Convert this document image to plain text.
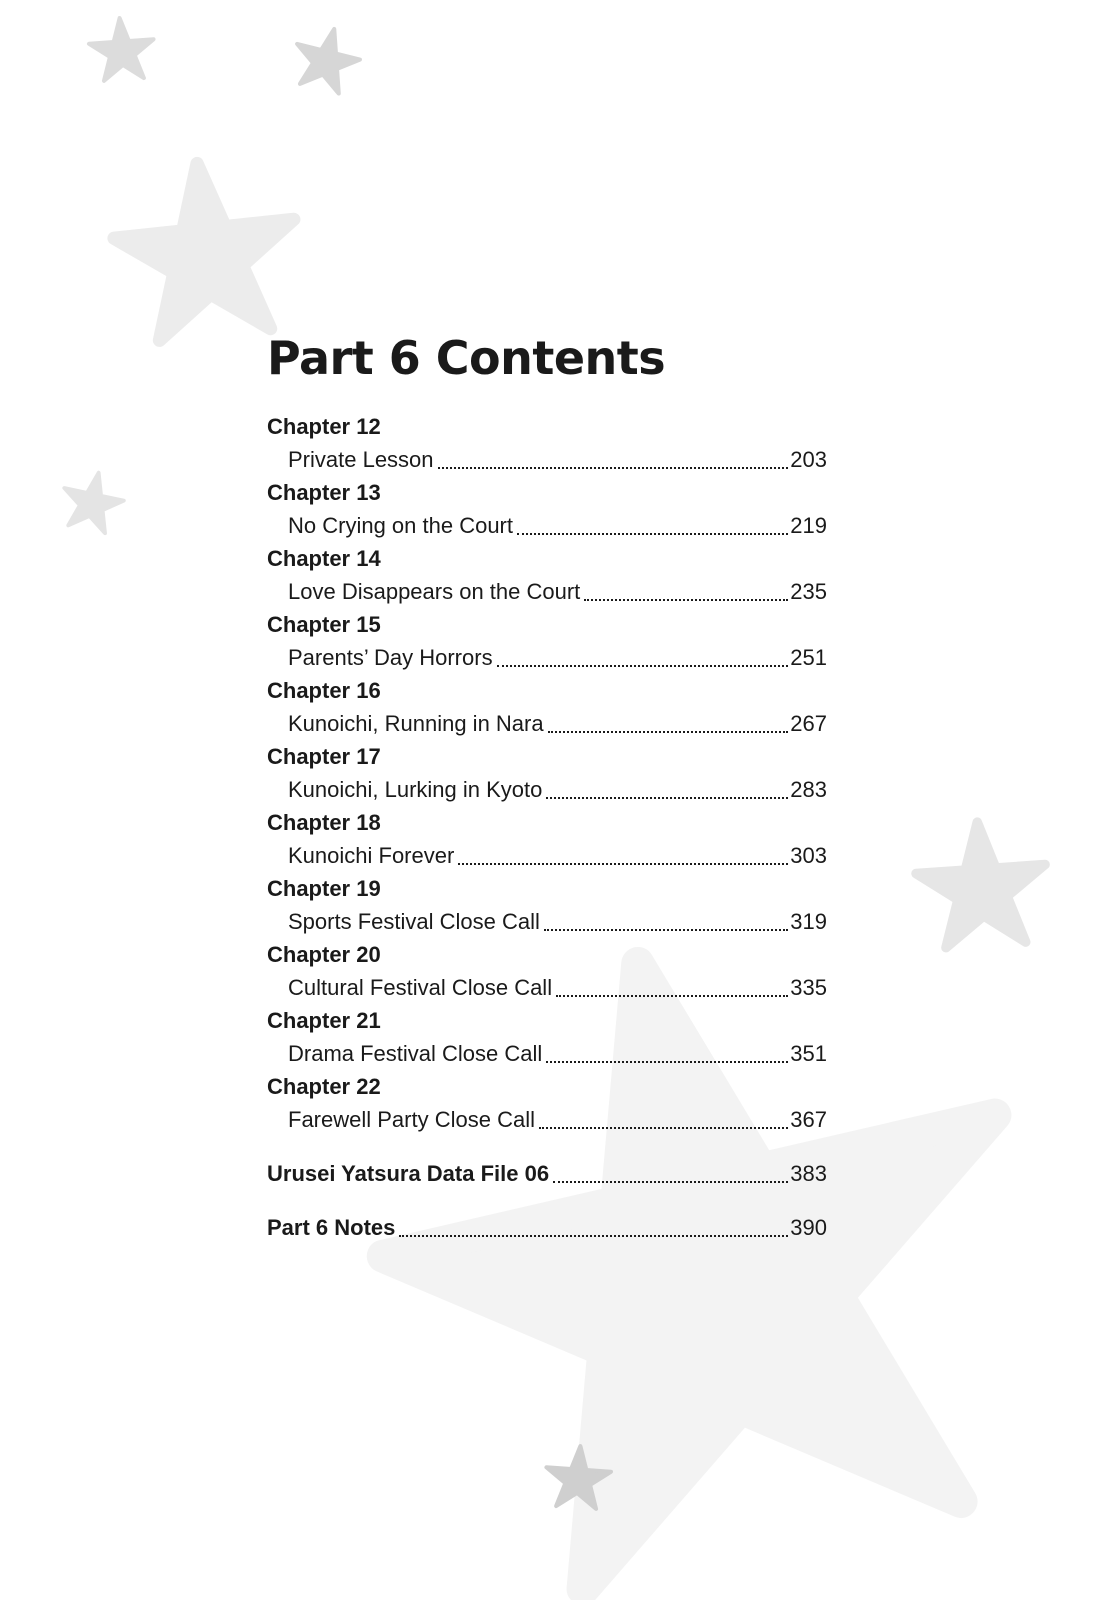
Part 6 Contents
Chapter 12
Private Lesson	203
Chapter 13
No Crying on the Court	219
Chapter 14
Love Disappears on the Court	235
Chapter 15
Parents’ Day Horrors	251
Chapter 16
Kunoichi, Running in Nara	267
Chapter 17
Kunoichi, Lurking in Kyoto	283
Chapter 18
Kunoichi Forever	303
Chapter 19
Sports Festival Close Call	319
Chapter 20
Cultural Festival Close Call	335
Chapter 21
Drama Festival Close Call	351
Chapter 22
Farewell Party Close Call	367
Urusei Yatsura Data File 06	383
Part 6 Notes	390
